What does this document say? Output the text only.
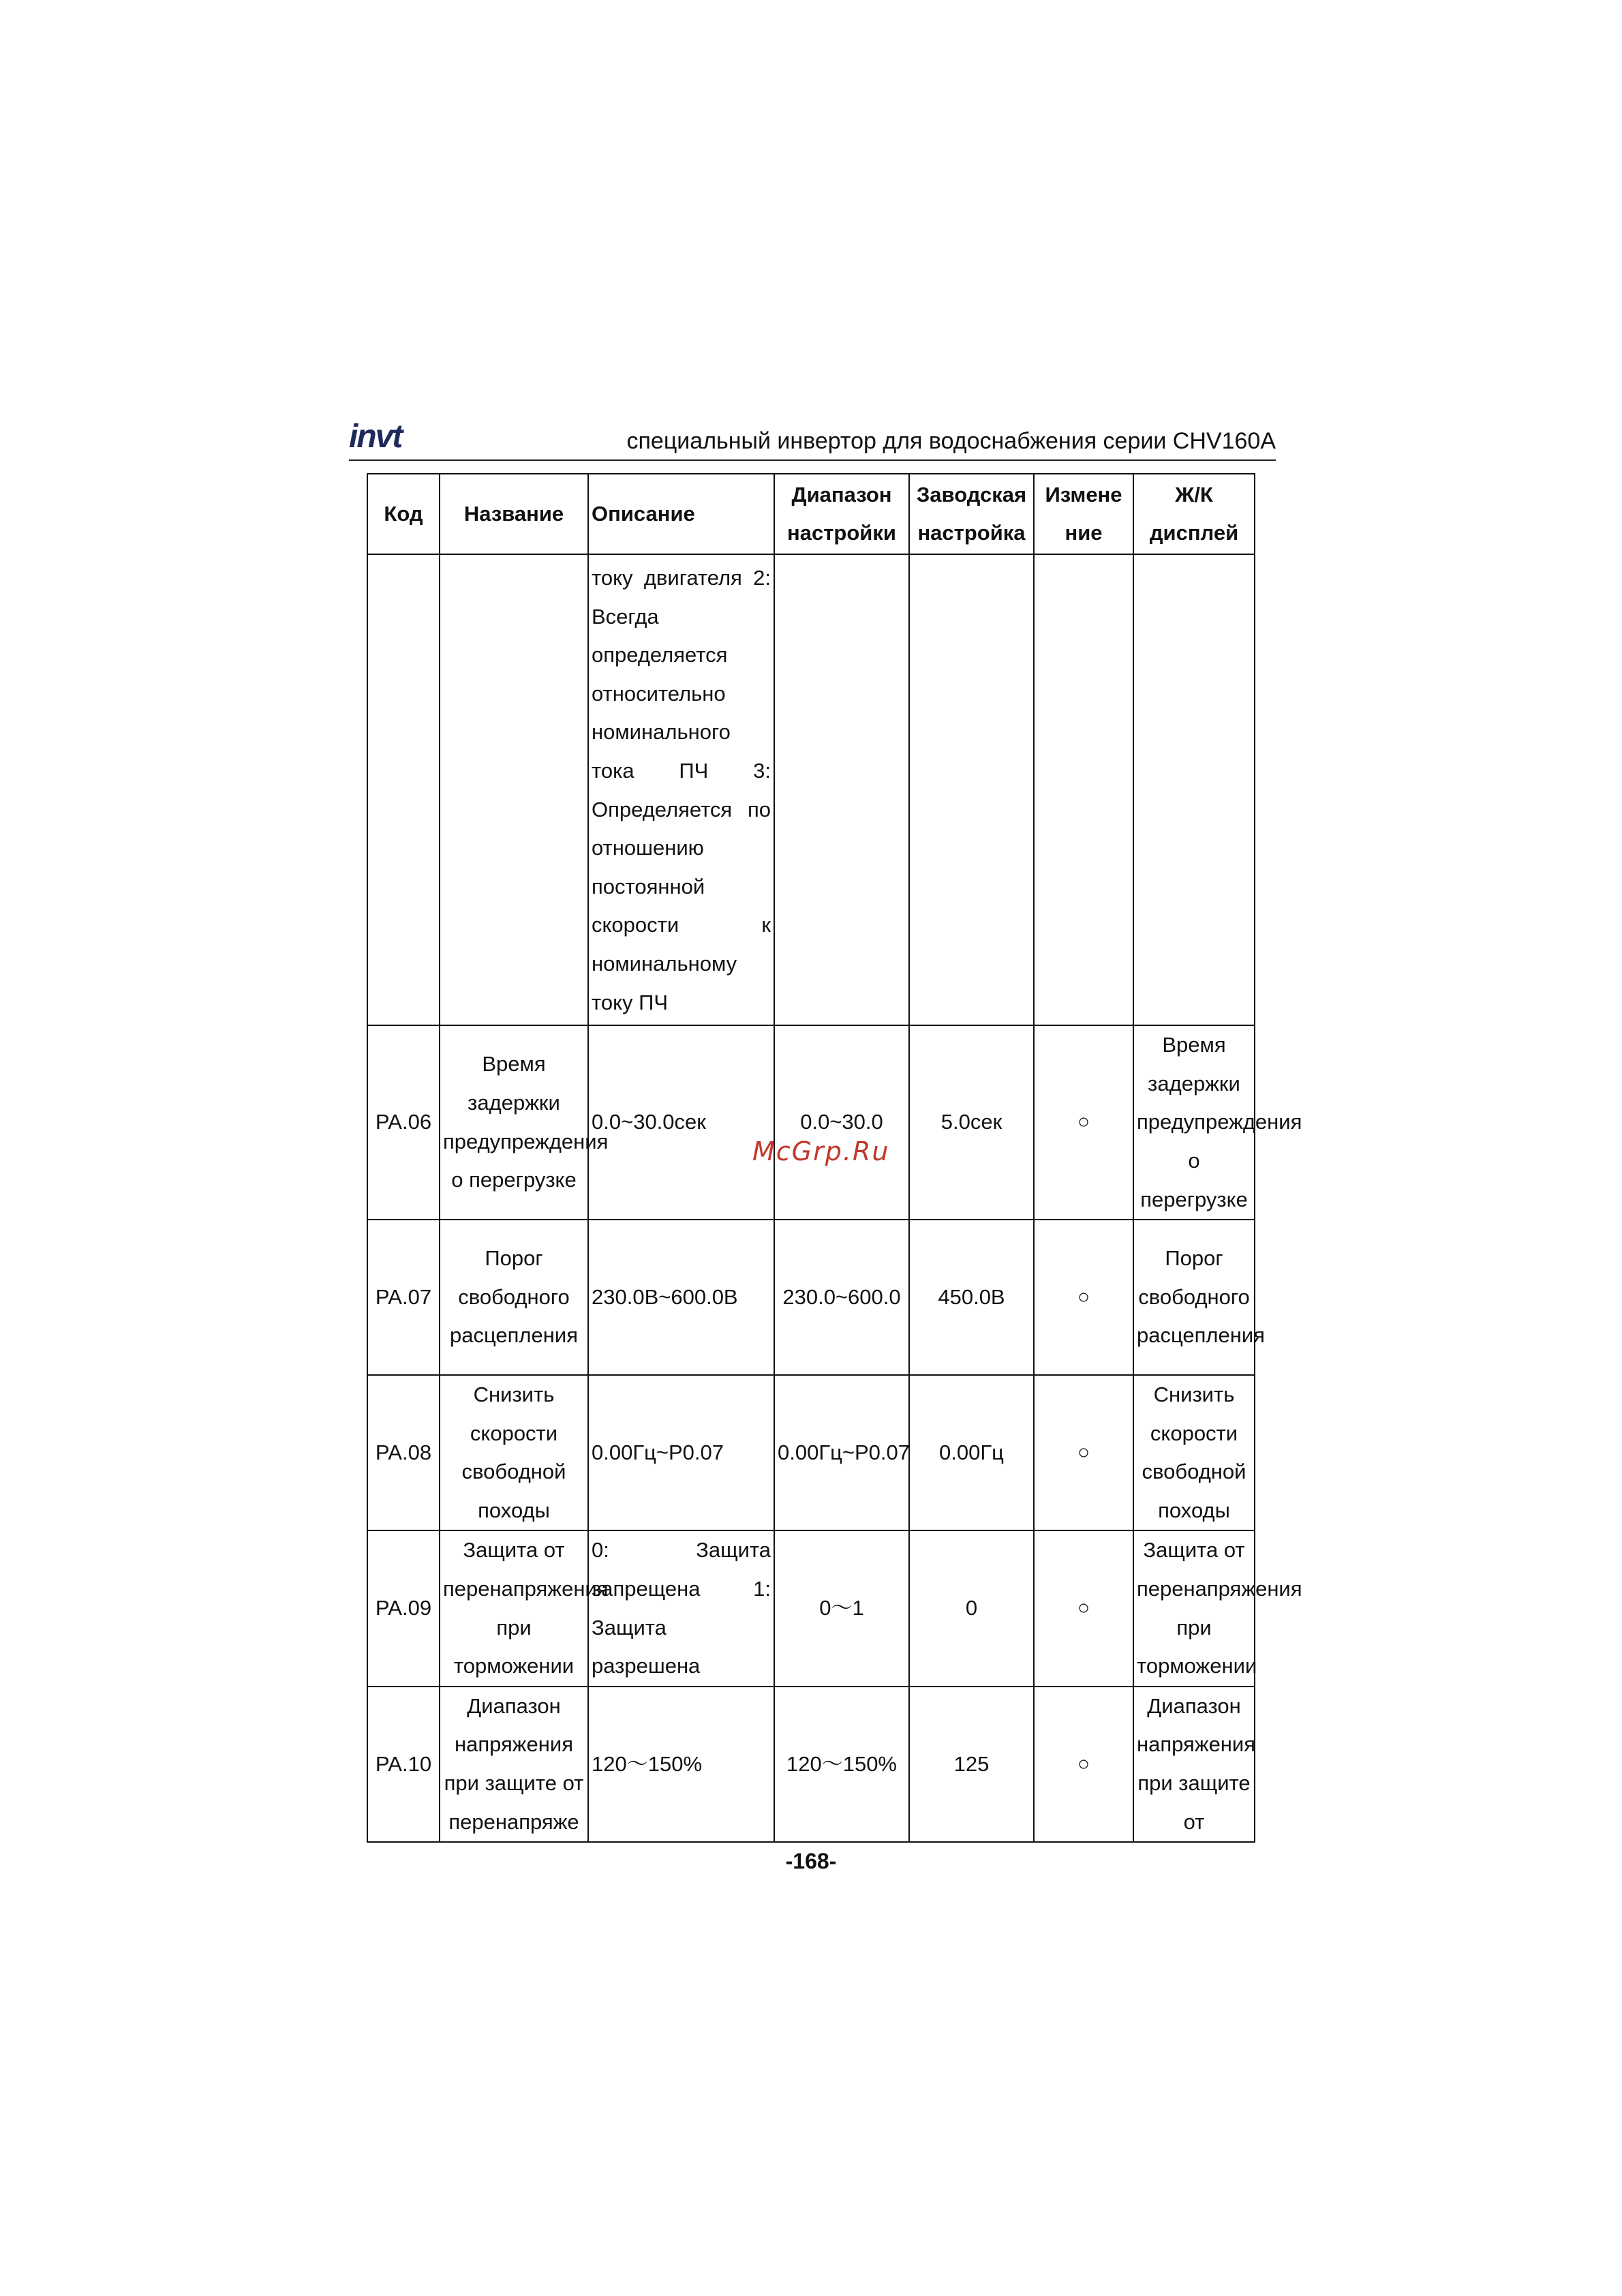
invt	специальный инвертор для водоснабжения серии CHV160A
Код	Название	Описание	Диапазон настройки	Заводская настройка	Измене ние	Ж/К дисплей
		току двигателя 2: Всегда определяется относительно номинального тока ПЧ 3: Определяется по отношению постоянной скорости к номинальному току ПЧ				
PA.06	Время задержки предупреждения о перегрузке	0.0~30.0сек	0.0~30.0	5.0сек	○	Время задержки предупреждения о перегрузке
PA.07	Порог свободного расцепления	230.0В~600.0В	230.0~600.0	450.0В	○	Порог свободного расцепления
PA.08	Снизить скорости свободной походы	0.00Гц~P0.07	0.00Гц~P0.07	0.00Гц	○	Снизить скорости свободной походы
PA.09	Защита от перенапряжения при торможении	0: Защита запрещена 1: Защита разрешена	0～1	0	○	Защита от перенапряжения при торможении
PA.10	Диапазон напряжения при защите от перенапряже	120～150%	120～150%	125	○	Диапазон напряжения при защите от
McGrp.Ru
-168-
